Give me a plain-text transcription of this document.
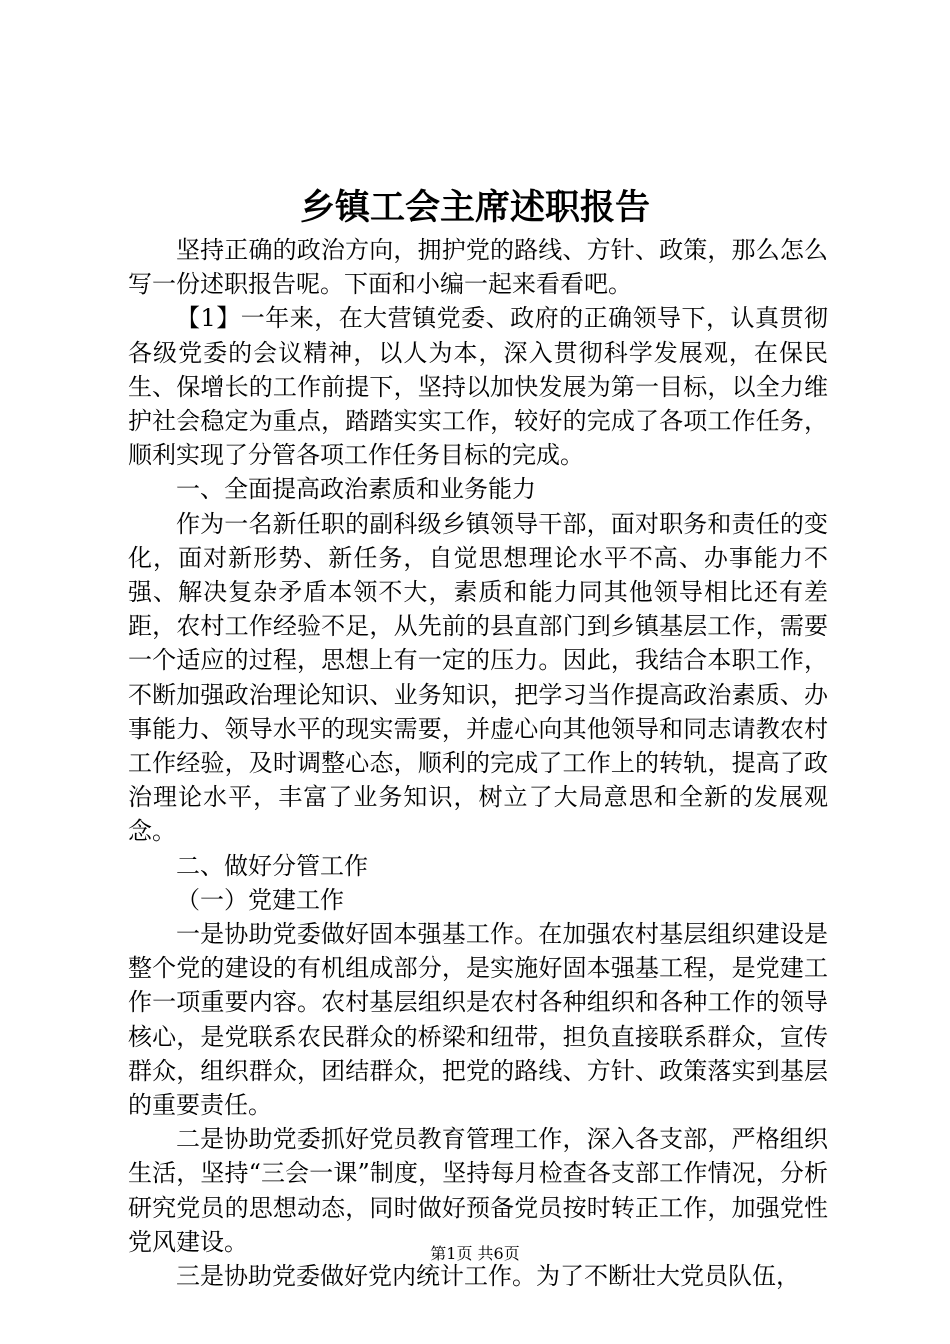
乡镇工会主席述职报告

坚持正确的政治方向，拥护党的路线、方针、政策，那么怎么写一份述职报告呢。下面和小编一起来看看吧。

【1】一年来，在大营镇党委、政府的正确领导下，认真贯彻各级党委的会议精神，以人为本，深入贯彻科学发展观，在保民生、保增长的工作前提下，坚持以加快发展为第一目标，以全力维护社会稳定为重点，踏踏实实工作，较好的完成了各项工作任务，顺利实现了分管各项工作任务目标的完成。

一、全面提高政治素质和业务能力

作为一名新任职的副科级乡镇领导干部，面对职务和责任的变化，面对新形势、新任务，自觉思想理论水平不高、办事能力不强、解决复杂矛盾本领不大，素质和能力同其他领导相比还有差距，农村工作经验不足，从先前的县直部门到乡镇基层工作，需要一个适应的过程，思想上有一定的压力。因此，我结合本职工作，不断加强政治理论知识、业务知识，把学习当作提高政治素质、办事能力、领导水平的现实需要，并虚心向其他领导和同志请教农村工作经验，及时调整心态，顺利的完成了工作上的转轨，提高了政治理论水平，丰富了业务知识，树立了大局意思和全新的发展观念。

二、做好分管工作

（一）党建工作

一是协助党委做好固本强基工作。在加强农村基层组织建设是整个党的建设的有机组成部分，是实施好固本强基工程，是党建工作一项重要内容。农村基层组织是农村各种组织和各种工作的领导核心，是党联系农民群众的桥梁和纽带，担负直接联系群众，宣传群众，组织群众，团结群众，把党的路线、方针、政策落实到基层的重要责任。

二是协助党委抓好党员教育管理工作，深入各支部，严格组织生活，坚持“三会一课”制度，坚持每月检查各支部工作情况，分析研究党员的思想动态，同时做好预备党员按时转正工作，加强党性党风建设。

三是协助党委做好党内统计工作。为了不断壮大党员队伍，

第1页 共6页
